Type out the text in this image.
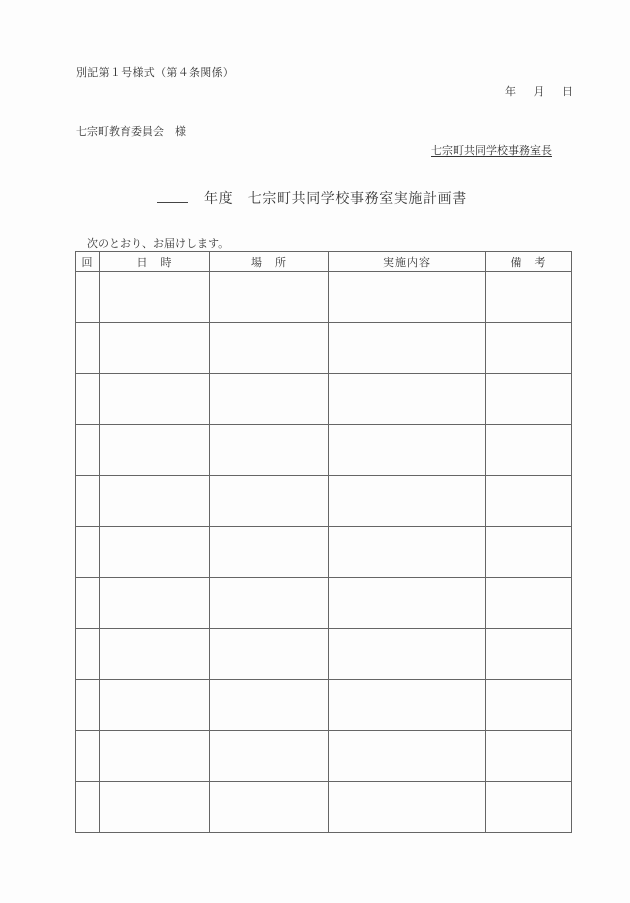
別記第１号様式（第４条関係）
年 月 日
七宗町教育委員会　様
七宗町共同学校事務室長
年度　七宗町共同学校事務室実施計画書
次のとおり、お届けします。
回	日　時	場　所	実施内容	備　考
